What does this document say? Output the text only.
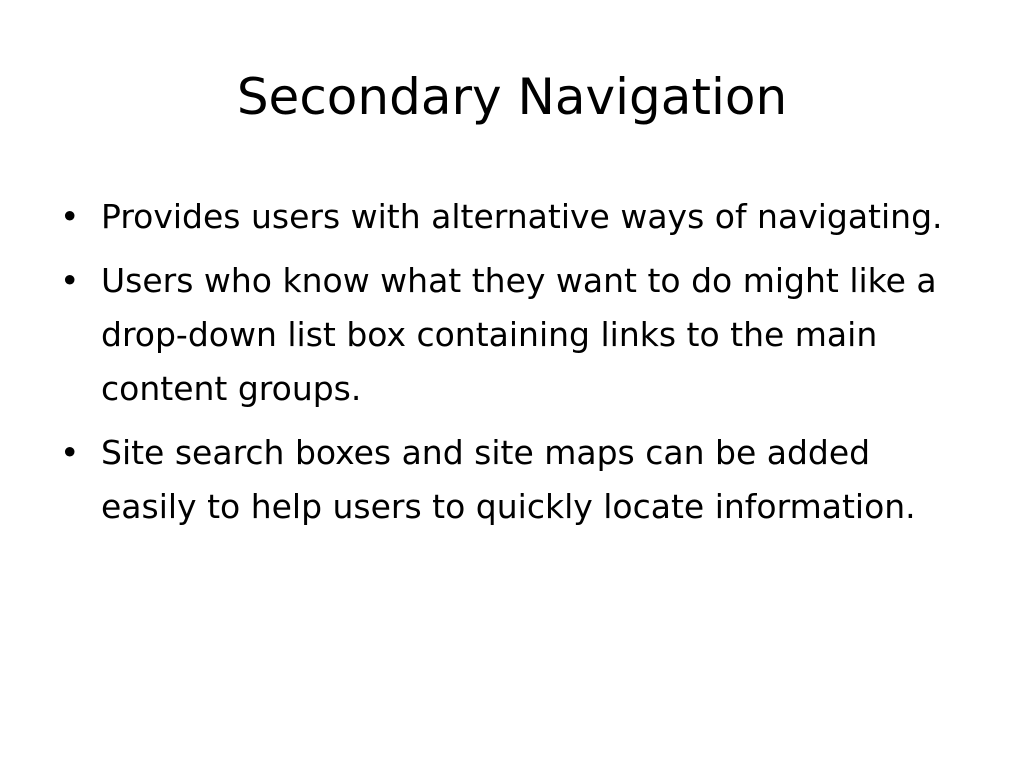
Secondary Navigation
• Provides users with alternative ways of navigating.
• Users who know what they want to do might like a drop-down list box containing links to the main content groups.
• Site search boxes and site maps can be added easily to help users to quickly locate information.
